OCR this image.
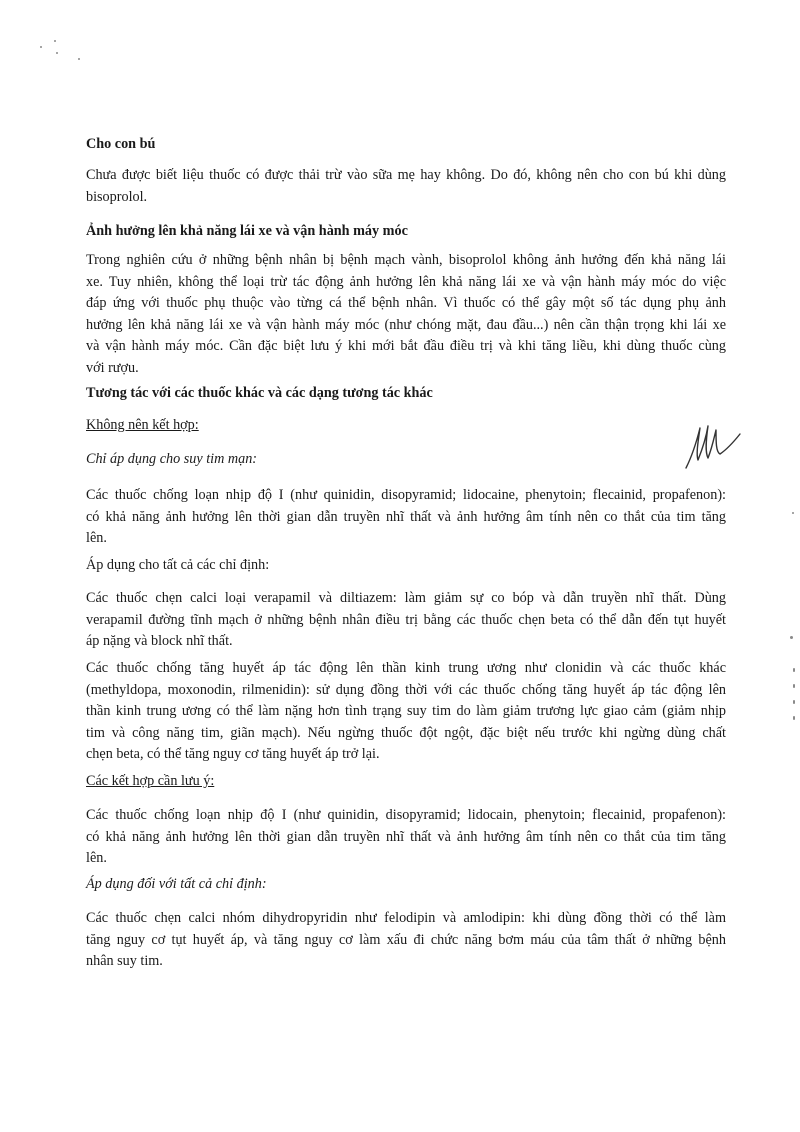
Cho con bú

Chưa được biết liệu thuốc có được thải trừ vào sữa mẹ hay không. Do đó, không nên cho con bú khi dùng

bisoprolol.

Ảnh hưởng lên khả năng lái xe và vận hành máy móc

Trong nghiên cứu ở những bệnh nhân bị bệnh mạch vành, bisoprolol không ảnh hưởng đến khả năng lái

xe. Tuy nhiên, không thể loại trừ tác động ảnh hưởng lên khả năng lái xe và vận hành máy móc do việc

đáp ứng với thuốc phụ thuộc vào từng cá thể bệnh nhân. Vì thuốc có thể gây một số tác dụng phụ ảnh

hưởng lên khả năng lái xe và vận hành máy móc (như chóng mặt, đau đầu...) nên cần thận trọng khi lái xe

và vận hành máy móc. Cần đặc biệt lưu ý khi mới bắt đầu điều trị và khi tăng liều, khi dùng thuốc cùng

với rượu.

Tương tác với các thuốc khác và các dạng tương tác khác
Không nên kết hợp:
Chỉ áp dụng cho suy tim mạn:

Các thuốc chống loạn nhịp độ I (như quinidin, disopyramid; lidocaine, phenytoin; flecainid, propafenon):

có khả năng ảnh hưởng lên thời gian dẫn truyền nhĩ thất và ảnh hưởng âm tính nên co thắt của tim tăng

lên.

Áp dụng cho tất cả các chỉ định:

Các thuốc chẹn calci loại verapamil và diltiazem: làm giảm sự co bóp và dẫn truyền nhĩ thất. Dùng

verapamil đường tĩnh mạch ở những bệnh nhân điều trị bằng các thuốc chẹn beta có thể dẫn đến tụt huyết

áp nặng và block nhĩ thất.

Các thuốc chống tăng huyết áp tác động lên thần kinh trung ương như clonidin và các thuốc khác

(methyldopa, moxonodin, rilmenidin): sử dụng đồng thời với các thuốc chống tăng huyết áp tác động lên

thần kinh trung ương có thể làm nặng hơn tình trạng suy tim do làm giảm trương lực giao cảm (giảm nhịp

tim và công năng tim, giãn mạch). Nếu ngừng thuốc đột ngột, đặc biệt nếu trước khi ngừng dùng chất

chẹn beta, có thể tăng nguy cơ tăng huyết áp trở lại.

Các kết hợp cần lưu ý:

Các thuốc chống loạn nhịp độ I (như quinidin, disopyramid; lidocain, phenytoin; flecainid, propafenon):

có khả năng ảnh hưởng lên thời gian dẫn truyền nhĩ thất và ảnh hưởng âm tính nên co thắt của tim tăng

lên.

Áp dụng đối với tất cả chỉ định:

Các thuốc chẹn calci nhóm dihydropyridin như felodipin và amlodipin: khi dùng đồng thời có thể làm

tăng nguy cơ tụt huyết áp, và tăng nguy cơ làm xấu đi chức năng bơm máu của tâm thất ở những bệnh

nhân suy tim.
